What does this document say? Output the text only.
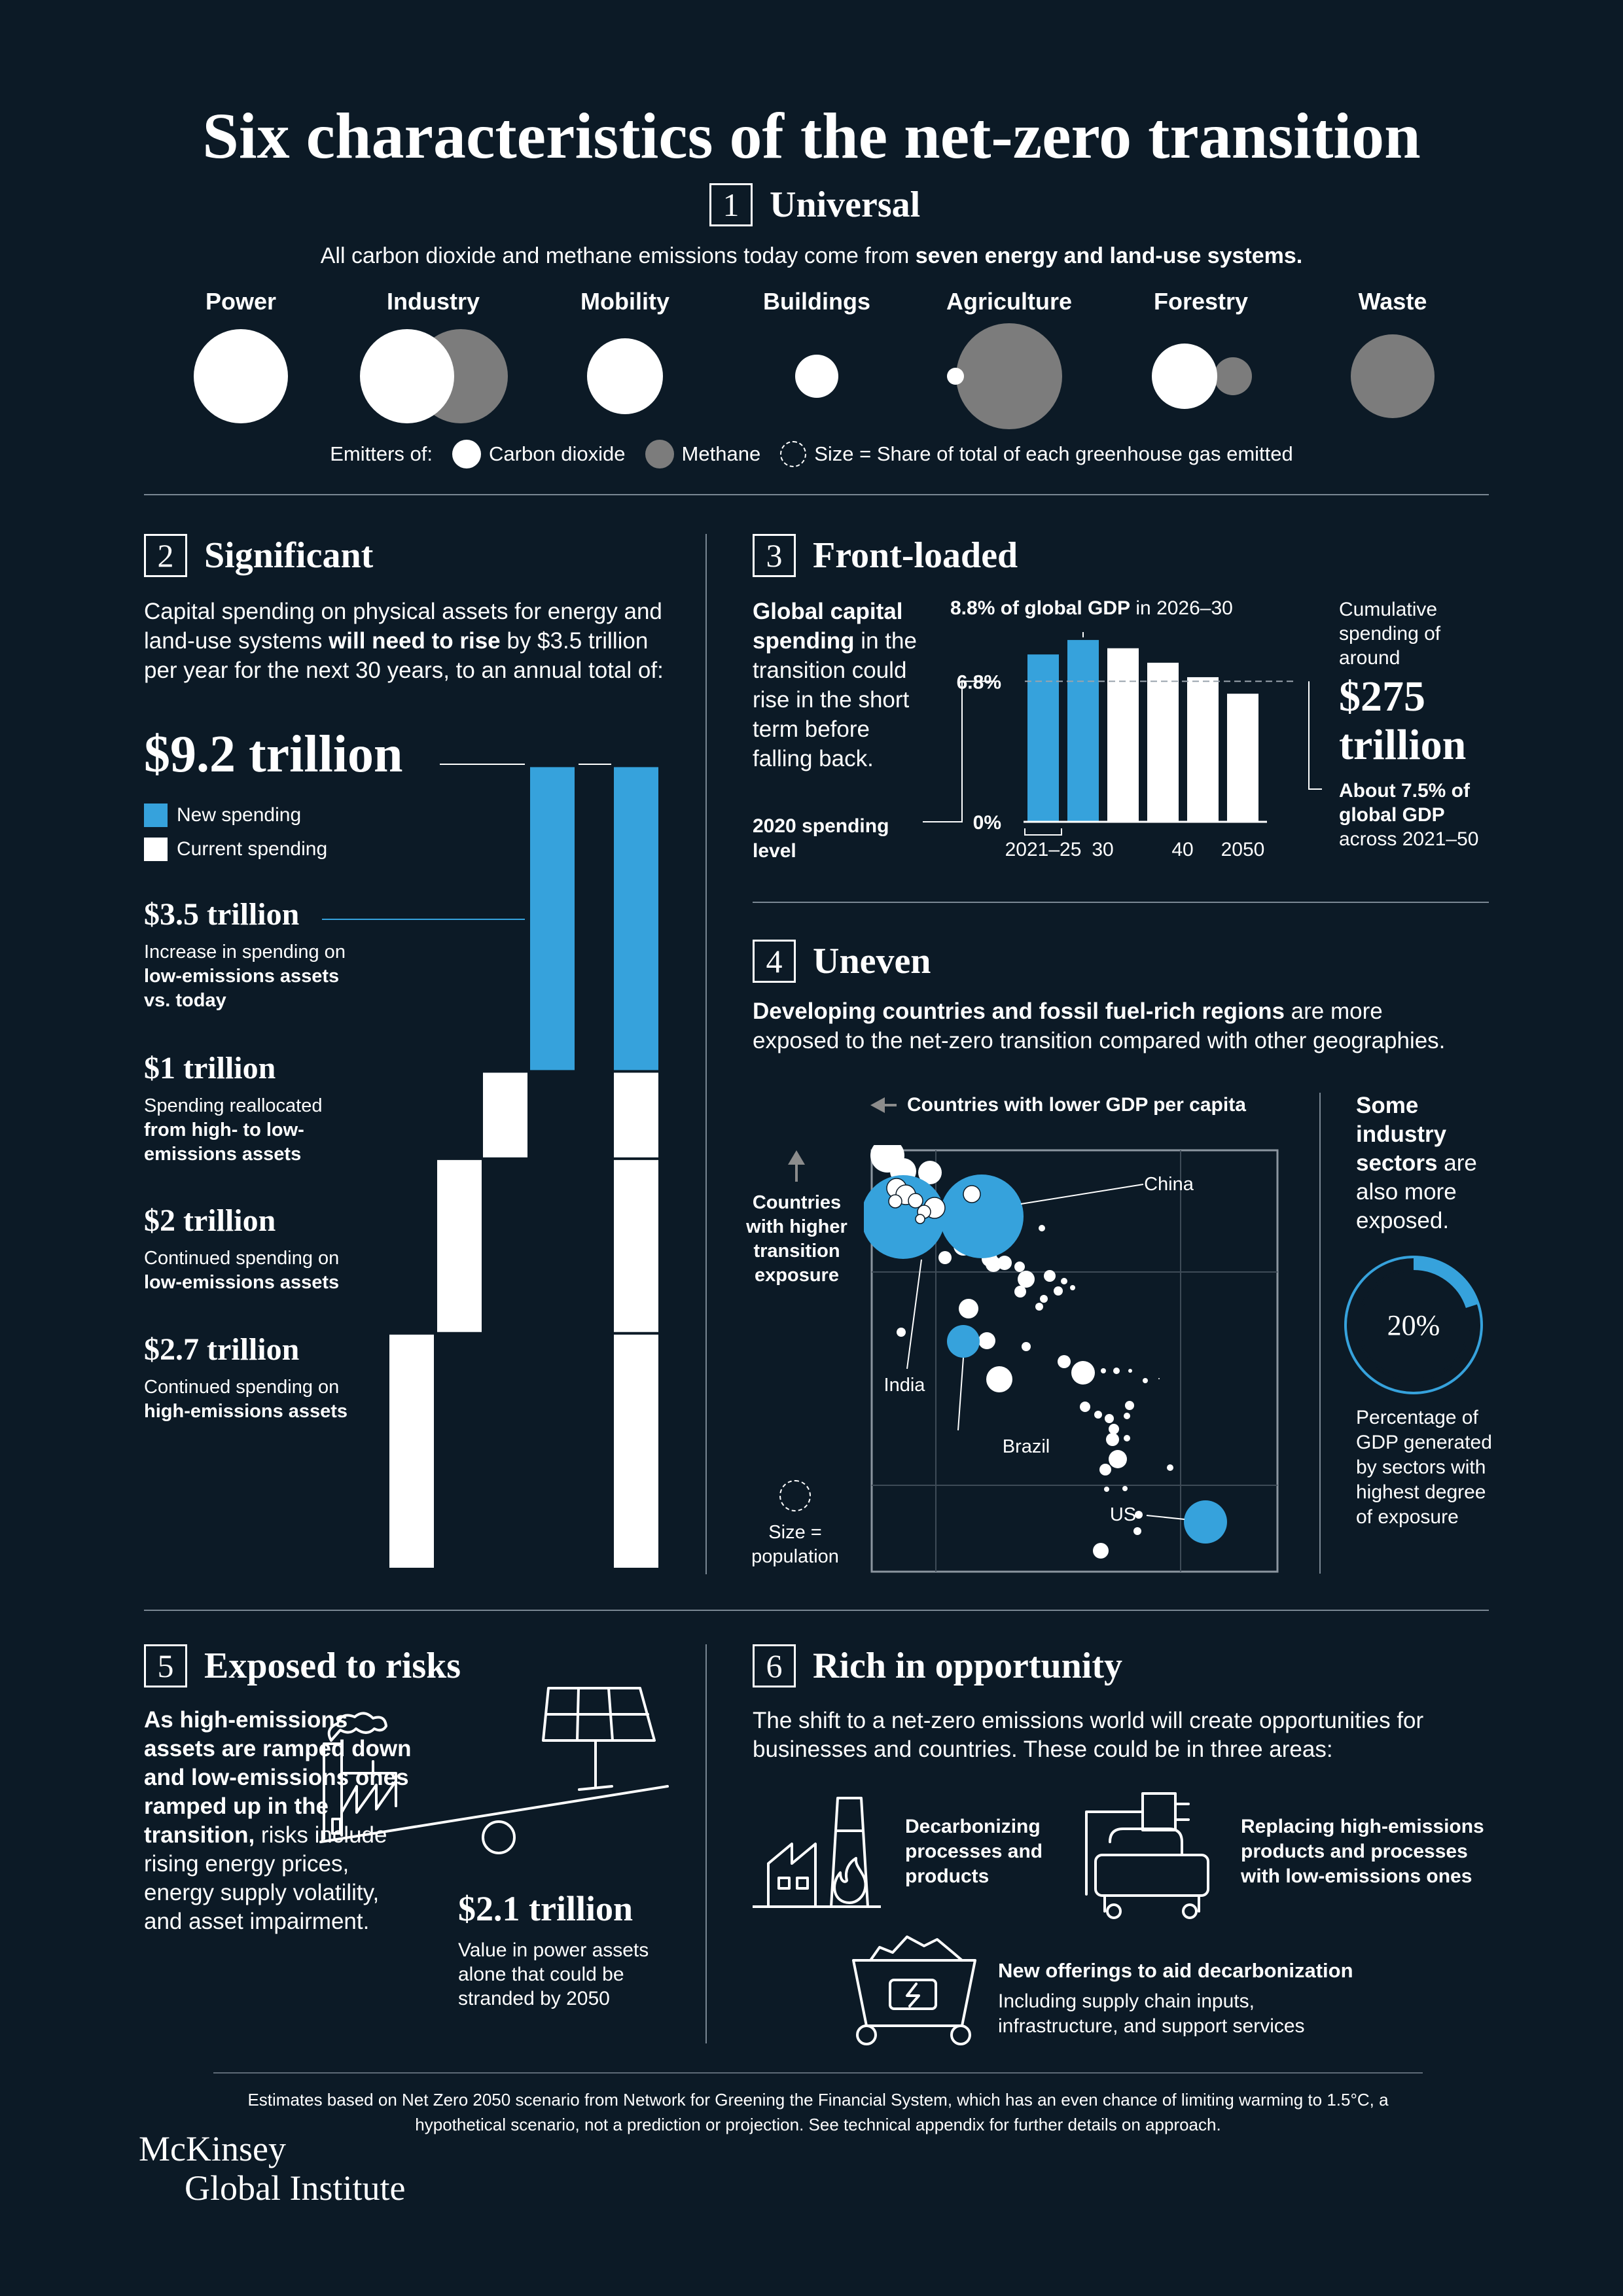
Six characteristics of the net-zero transition
1 Universal
All carbon dioxide and methane emissions today come from seven energy and land-use systems.
Power	Industry	Mobility	Buildings	Agriculture	Forestry	Waste
Emitters of:	Carbon dioxide	Methane	Size = Share of total of each greenhouse gas emitted
2 Significant
Capital spending on physical assets for energy and land-use systems will need to rise by $3.5 trillion per year for the next 30 years, to an annual total of:
$9.2 trillion
New spending
Current spending
$3.5 trillion
Increase in spending on low-emissions assets vs. today
$1 trillion
Spending reallocated from high- to low-emissions assets
$2 trillion
Continued spending on low-emissions assets
$2.7 trillion
Continued spending on high-emissions assets
3 Front-loaded
Global capital spending in the transition could rise in the short term before falling back.
8.8% of global GDP in 2026–30
2020 spending level
6.8%
0%
2021–25 30	40 2050
Cumulative spending of around
$275 trillion
About 7.5% of global GDP
across 2021–50
4 Uneven
Developing countries and fossil fuel-rich regions are more exposed to the net-zero transition compared with other geographies.
Countries with lower GDP per capita
Countries with higher transition exposure
Size = population
China
India
Brazil
US
Some industry sectors are also more exposed.
20%
Percentage of GDP generated by sectors with highest degree of exposure
5 Exposed to risks
As high-emissions assets are ramped down and low-emissions ones ramped up in the transition, risks include rising energy prices, energy supply volatility, and asset impairment.	$2.1 trillion
Value in power assets alone that could be stranded by 2050
6 Rich in opportunity
The shift to a net-zero emissions world will create opportunities for businesses and countries. These could be in three areas:
Decarbonizing processes and products
Replacing high-emissions products and processes with low-emissions ones
New offerings to aid decarbonization
Including supply chain inputs, infrastructure, and support services
Estimates based on Net Zero 2050 scenario from Network for Greening the Financial System, which has an even chance of limiting warming to 1.5°C, a hypothetical scenario, not a prediction or projection. See technical appendix for further details on approach.
McKinsey
Global Institute
